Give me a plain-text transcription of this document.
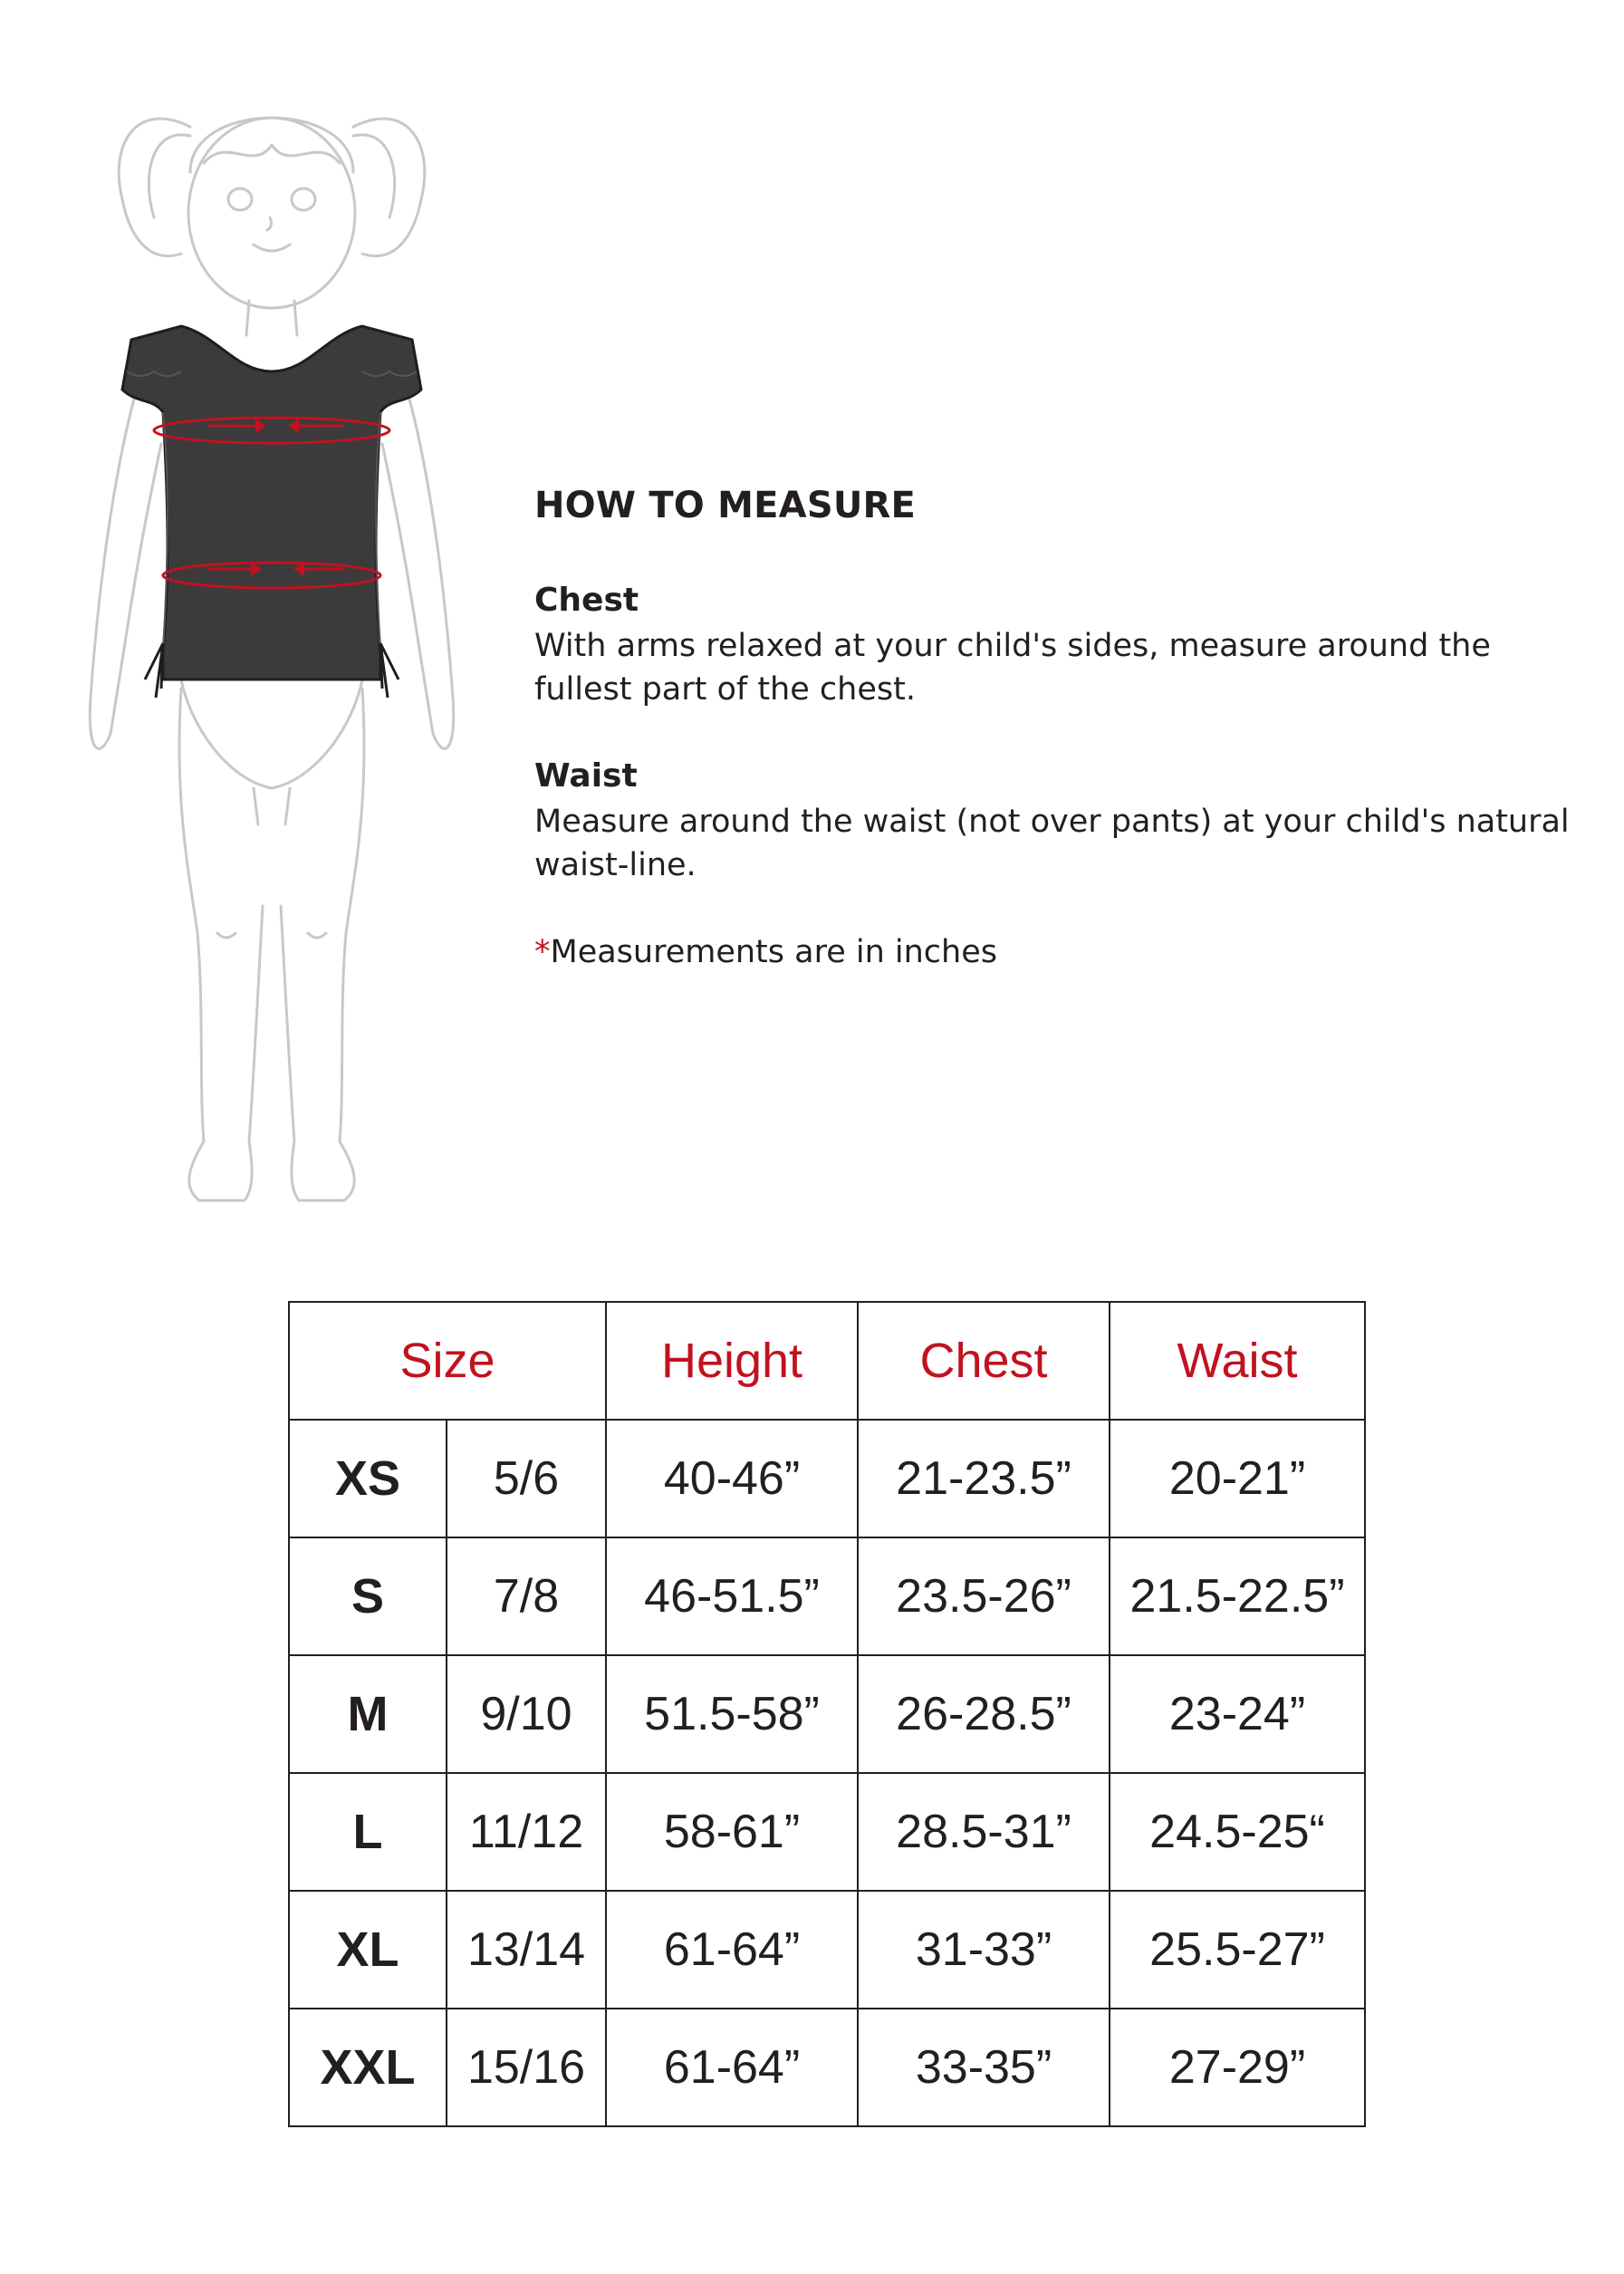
HOW TO MEASURE
Chest
With arms relaxed at your child's sides, measure around the fullest part of the chest.
Waist
Measure around the waist (not over pants) at your child's natural waist-line.
*Measurements are in inches
Size		Height	Chest	Waist
XS	5/6	40-46”	21-23.5”	20-21”
S	7/8	46-51.5”	23.5-26”	21.5-22.5”
M	9/10	51.5-58”	26-28.5”	23-24”
L	11/12	58-61”	28.5-31”	24.5-25“
XL	13/14	61-64”	31-33”	25.5-27”
XXL	15/16	61-64”	33-35”	27-29”
